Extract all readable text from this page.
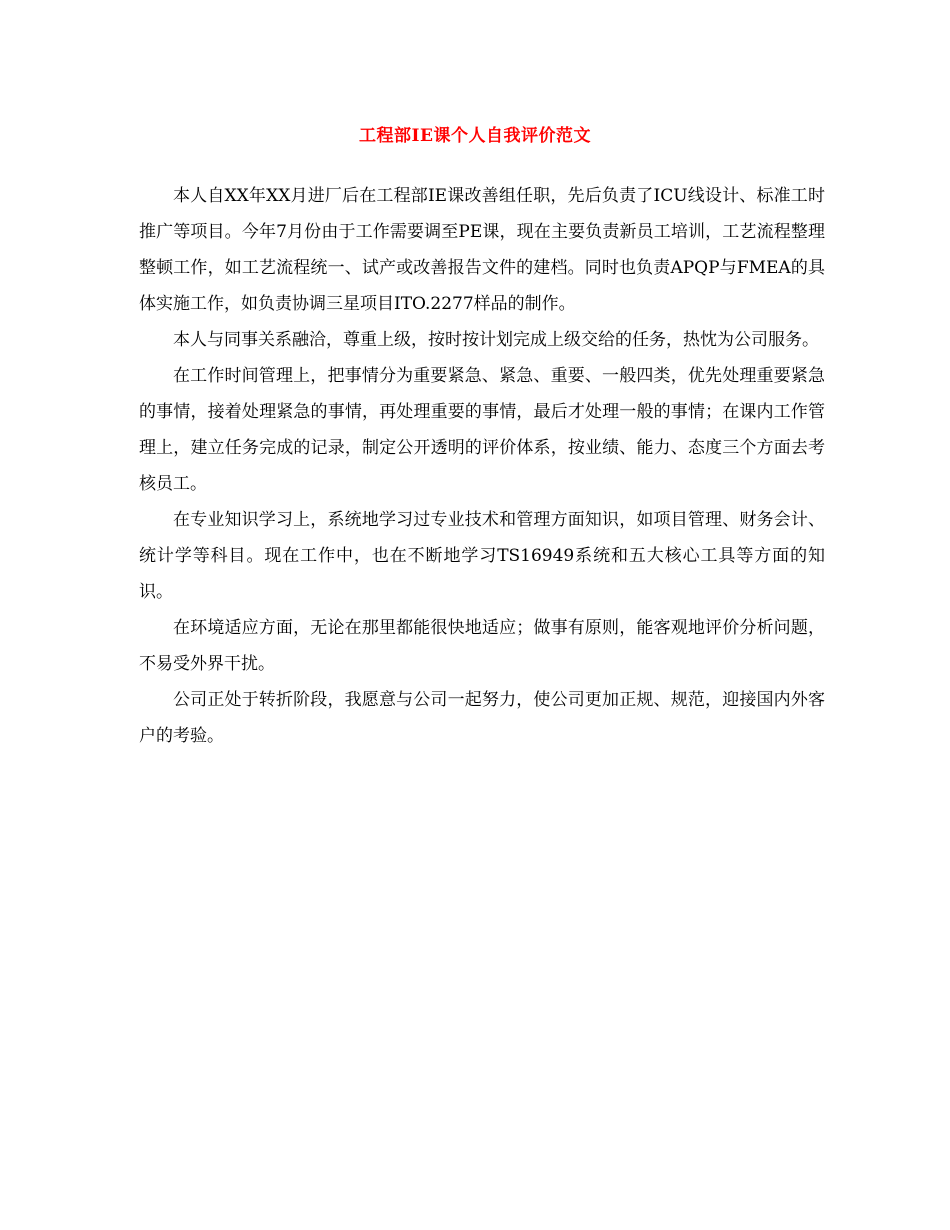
工程部IE课个人自我评价范文

本人自XX年XX月进厂后在工程部IE课改善组任职，先后负责了ICU线设计、标准工时推广等项目。今年7月份由于工作需要调至PE课，现在主要负责新员工培训，工艺流程整理整顿工作，如工艺流程统一、试产或改善报告文件的建档。同时也负责APQP与FMEA的具体实施工作，如负责协调三星项目ITO.2277样品的制作。

本人与同事关系融洽，尊重上级，按时按计划完成上级交给的任务，热忱为公司服务。

在工作时间管理上，把事情分为重要紧急、紧急、重要、一般四类，优先处理重要紧急的事情，接着处理紧急的事情，再处理重要的事情，最后才处理一般的事情；在课内工作管理上，建立任务完成的记录，制定公开透明的评价体系，按业绩、能力、态度三个方面去考核员工。

在专业知识学习上，系统地学习过专业技术和管理方面知识，如项目管理、财务会计、统计学等科目。现在工作中，也在不断地学习TS16949系统和五大核心工具等方面的知识。

在环境适应方面，无论在那里都能很快地适应；做事有原则，能客观地评价分析问题，不易受外界干扰。

公司正处于转折阶段，我愿意与公司一起努力，使公司更加正规、规范，迎接国内外客户的考验。
